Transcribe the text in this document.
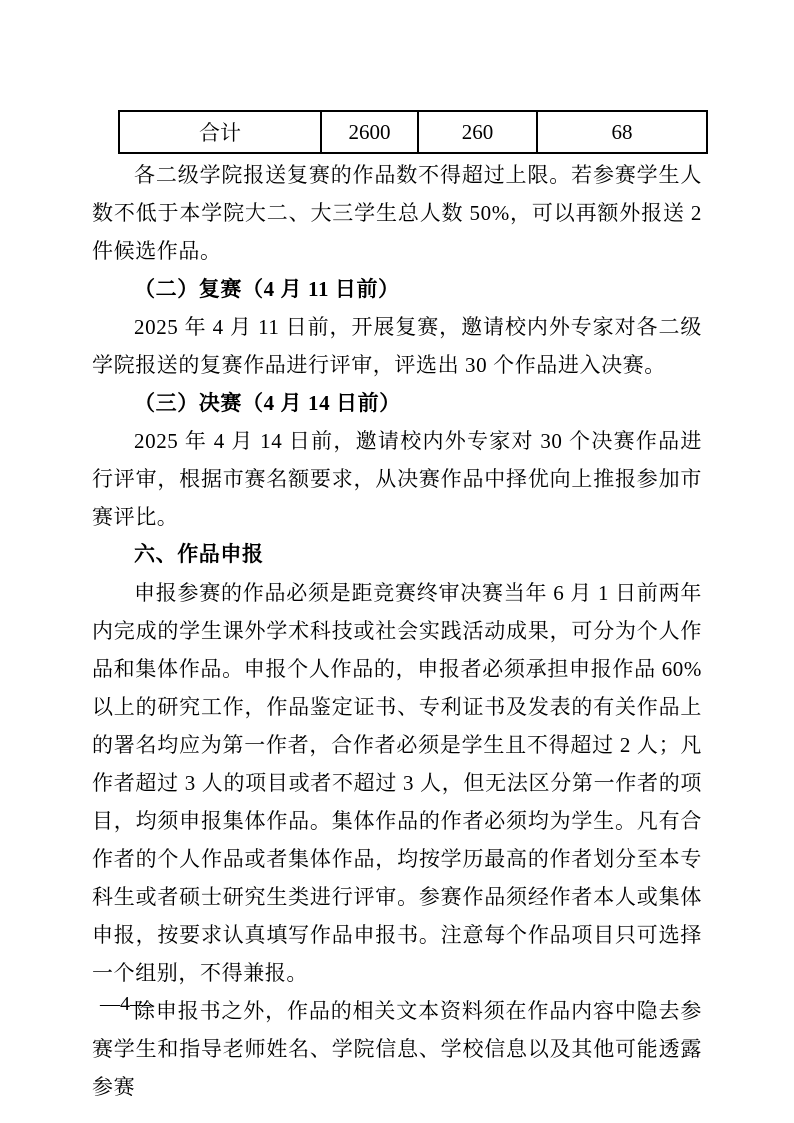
合计	2600	260	68

各二级学院报送复赛的作品数不得超过上限。若参赛学生人数不低于本学院大二、大三学生总人数 50%，可以再额外报送 2 件候选作品。

（二）复赛（4 月 11 日前）

2025 年 4 月 11 日前，开展复赛，邀请校内外专家对各二级学院报送的复赛作品进行评审，评选出 30 个作品进入决赛。

（三）决赛（4 月 14 日前）

2025 年 4 月 14 日前，邀请校内外专家对 30 个决赛作品进行评审，根据市赛名额要求，从决赛作品中择优向上推报参加市赛评比。

六、作品申报

申报参赛的作品必须是距竞赛终审决赛当年 6 月 1 日前两年内完成的学生课外学术科技或社会实践活动成果，可分为个人作品和集体作品。申报个人作品的，申报者必须承担申报作品 60%以上的研究工作，作品鉴定证书、专利证书及发表的有关作品上的署名均应为第一作者，合作者必须是学生且不得超过 2 人；凡作者超过 3 人的项目或者不超过 3 人，但无法区分第一作者的项目，均须申报集体作品。集体作品的作者必须均为学生。凡有合作者的个人作品或者集体作品，均按学历最高的作者划分至本专科生或者硕士研究生类进行评审。参赛作品须经作者本人或集体申报，按要求认真填写作品申报书。注意每个作品项目只可选择一个组别，不得兼报。

除申报书之外，作品的相关文本资料须在作品内容中隐去参赛学生和指导老师姓名、学院信息、学校信息以及其他可能透露参赛

—4—
